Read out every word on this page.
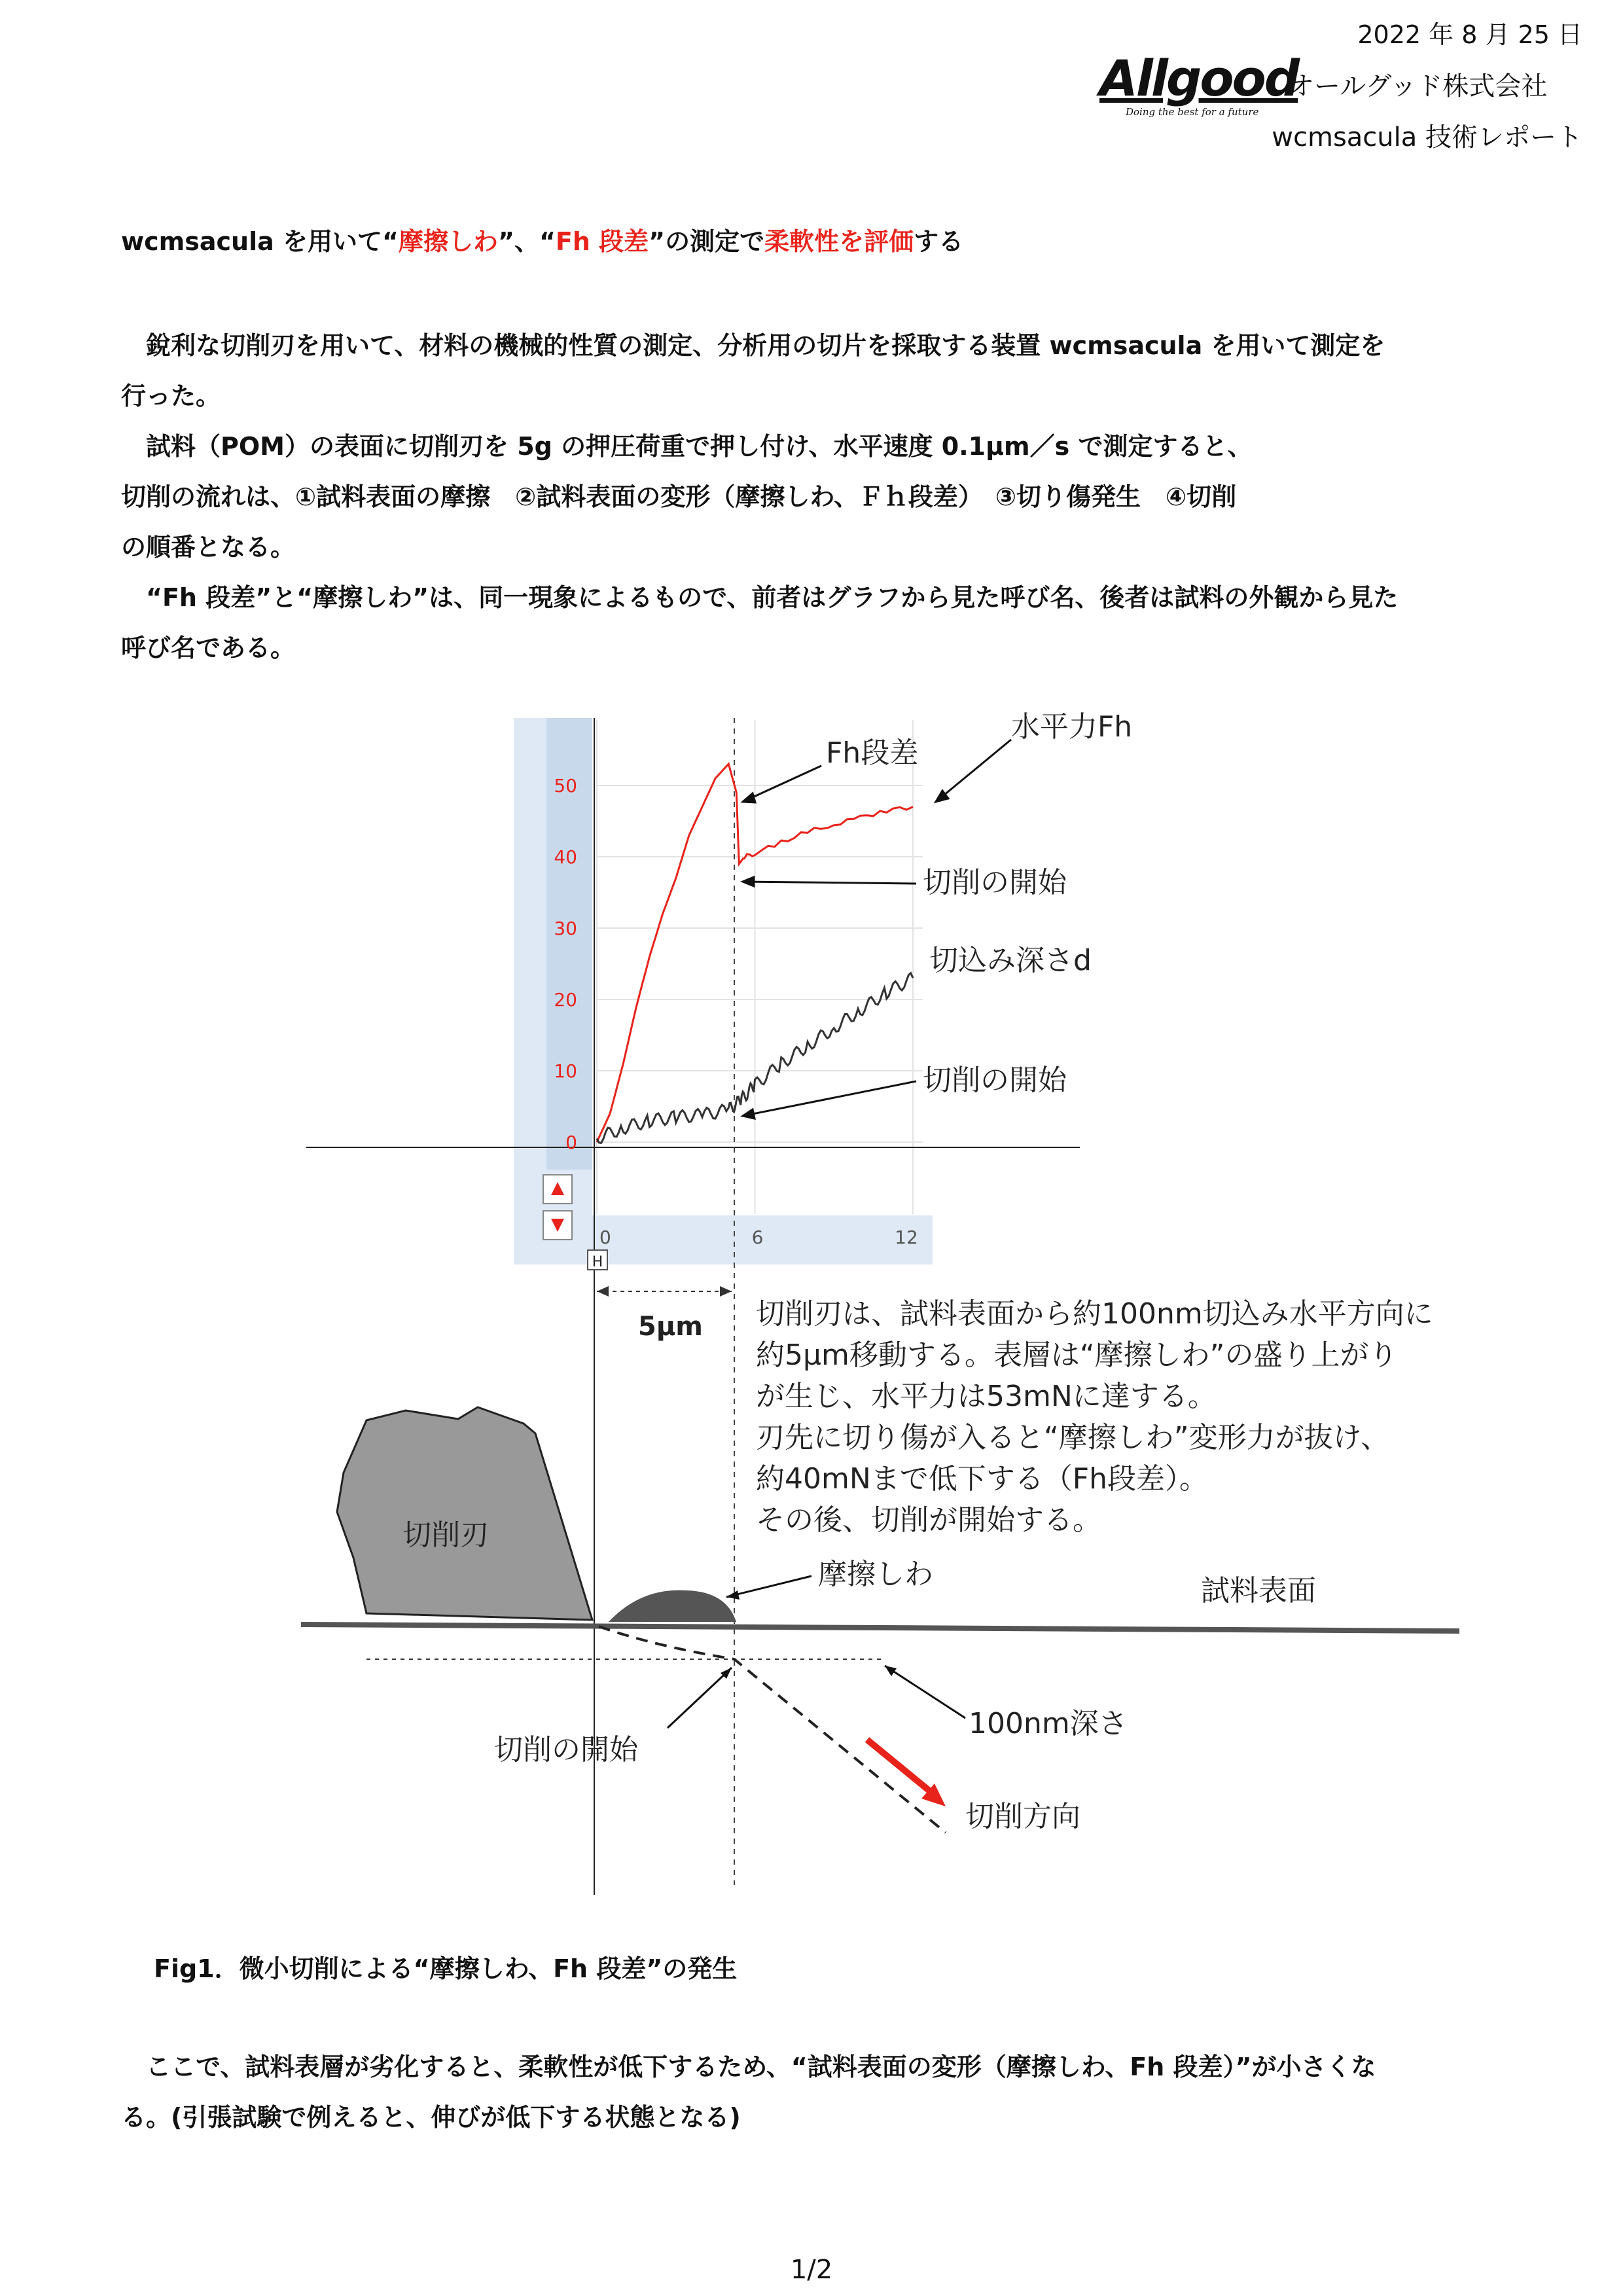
2022 年 8 月 25 日
Allgood
Doing the best for a future
オールグッド株式会社
wcmsacula 技術レポート
wcmsacula を用いて“摩擦しわ”、“Fh 段差”の測定で柔軟性を評価する
　銳利な切削刃を用いて、材料の機械的性質の測定、分析用の切片を採取する装置 wcmsacula を用いて測定を
行った。
　試料（POM）の表面に切削刃を 5g の押圧荷重で押し付け、水平速度 0.1μm／s で測定すると、
切削の流れは、①試料表面の摩擦　②試料表面の変形（摩擦しわ、Ｆｈ段差）　③切り傷発生　④切削
の順番となる。
　“Fh 段差”と“摩擦しわ”は、同一現象によるもので、前者はグラフから見た呼び名、後者は試料の外観から見た
呼び名である。
0
10
20
30
40
50
0	6	12
H
Fh段差
水平力Fh
切削の開始
切込み深さd
切削の開始
5μm 切削刃は、試料表面から約100nm切込み水平方向に
約5μm移動する。表層は“摩擦しわ”の盛り上がり
が生じ、水平力は53mNに達する。
刃先に切り傷が入ると“摩擦しわ”変形力が抜け、
約40mNまで低下する（Fh段差）。
その後、切削が開始する。
切削刃
摩擦しわ	試料表面
100nm深さ
切削の開始
切削方向
Fig1．微小切削による“摩擦しわ、Fh 段差”の発生
　ここで、試料表層が劣化すると、柔軟性が低下するため、“試料表面の変形（摩擦しわ、Fh 段差）”が小さくな
る。(引張試験で例えると、伸びが低下する状態となる)
1/2
